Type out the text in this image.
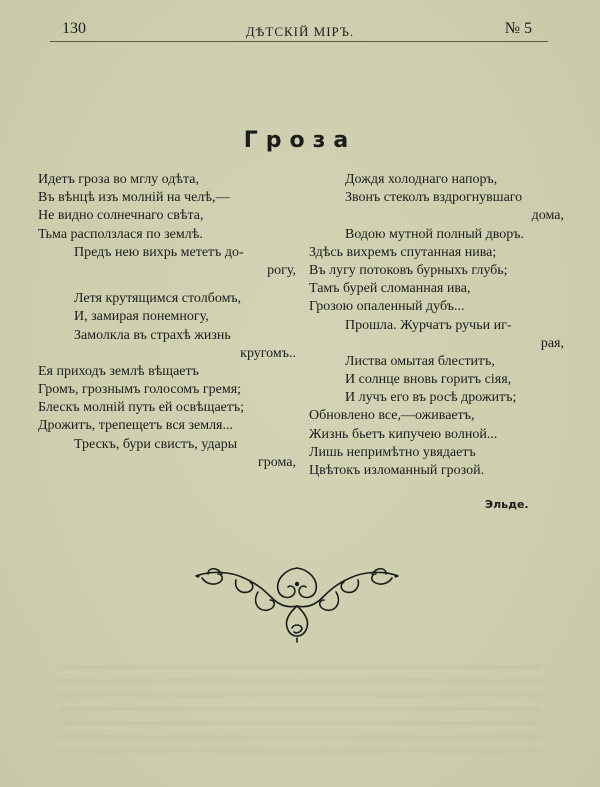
130	ДѢТСКІЙ МІРЪ.	№ 5
Гроза
Идетъ гроза во мглу одѣта,
Въ вѣнцѣ изъ молній на челѣ,—
Не видно солнечнаго свѣта,
Тьма расползлася по землѣ.
Предъ нею вихрь мететъ до-
рогу,
Летя крутящимся столбомъ,
И, замирая понемногу,
Замолкла въ страхѣ жизнь
кругомъ..
Ея приходъ землѣ вѣщаетъ
Громъ, грознымъ голосомъ гремя;
Блескъ молній путь ей освѣщаетъ;
Дрожитъ, трепещетъ вся земля...
Трескъ, бури свистъ, удары
грома,
Дождя холоднаго напоръ,
Звонъ стеколъ вздрогнувшаго
дома,
Водою мутной полный дворъ.
Здѣсь вихремъ спутанная нива;
Въ лугу потоковъ бурныхъ глубь;
Тамъ бурей сломанная ива,
Грозою опаленный дубъ...
Прошла. Журчатъ ручьи иг-
рая,
Листва омытая блеститъ,
И солнце вновь горитъ сіяя,
И лучъ его въ росѣ дрожитъ;
Обновлено все,—оживаетъ,
Жизнь бьетъ кипучею волной...
Лишь непримѣтно увядаетъ
Цвѣтокъ изломанный грозой.
Эльде.
